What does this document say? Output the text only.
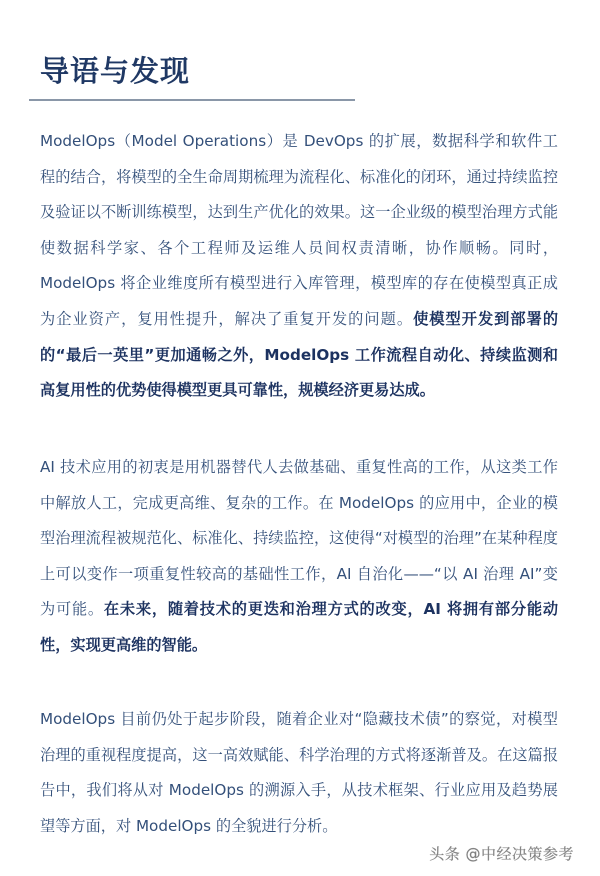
导语与发现

ModelOps（Model Operations）是 DevOps 的扩展，数据科学和软件工程的结合，将模型的全生命周期梳理为流程化、标准化的闭环，通过持续监控及验证以不断训练模型，达到生产优化的效果。这一企业级的模型治理方式能使数据科学家、各个工程师及运维人员间权责清晰，协作顺畅。同时，ModelOps 将企业维度所有模型进行入库管理，模型库的存在使模型真正成为企业资产，复用性提升，解决了重复开发的问题。使模型开发到部署的的“最后一英里”更加通畅之外，ModelOps 工作流程自动化、持续监测和高复用性的优势使得模型更具可靠性，规模经济更易达成。

AI 技术应用的初衷是用机器替代人去做基础、重复性高的工作，从这类工作中解放人工，完成更高维、复杂的工作。在 ModelOps 的应用中，企业的模型治理流程被规范化、标准化、持续监控，这使得“对模型的治理”在某种程度上可以变作一项重复性较高的基础性工作，AI 自治化——“以 AI 治理 AI”变为可能。在未来，随着技术的更迭和治理方式的改变，AI 将拥有部分能动性，实现更高维的智能。

ModelOps 目前仍处于起步阶段，随着企业对“隐藏技术债”的察觉，对模型治理的重视程度提高，这一高效赋能、科学治理的方式将逐渐普及。在这篇报告中，我们将从对 ModelOps 的溯源入手，从技术框架、行业应用及趋势展望等方面，对 ModelOps 的全貌进行分析。

头条 @中经决策参考
